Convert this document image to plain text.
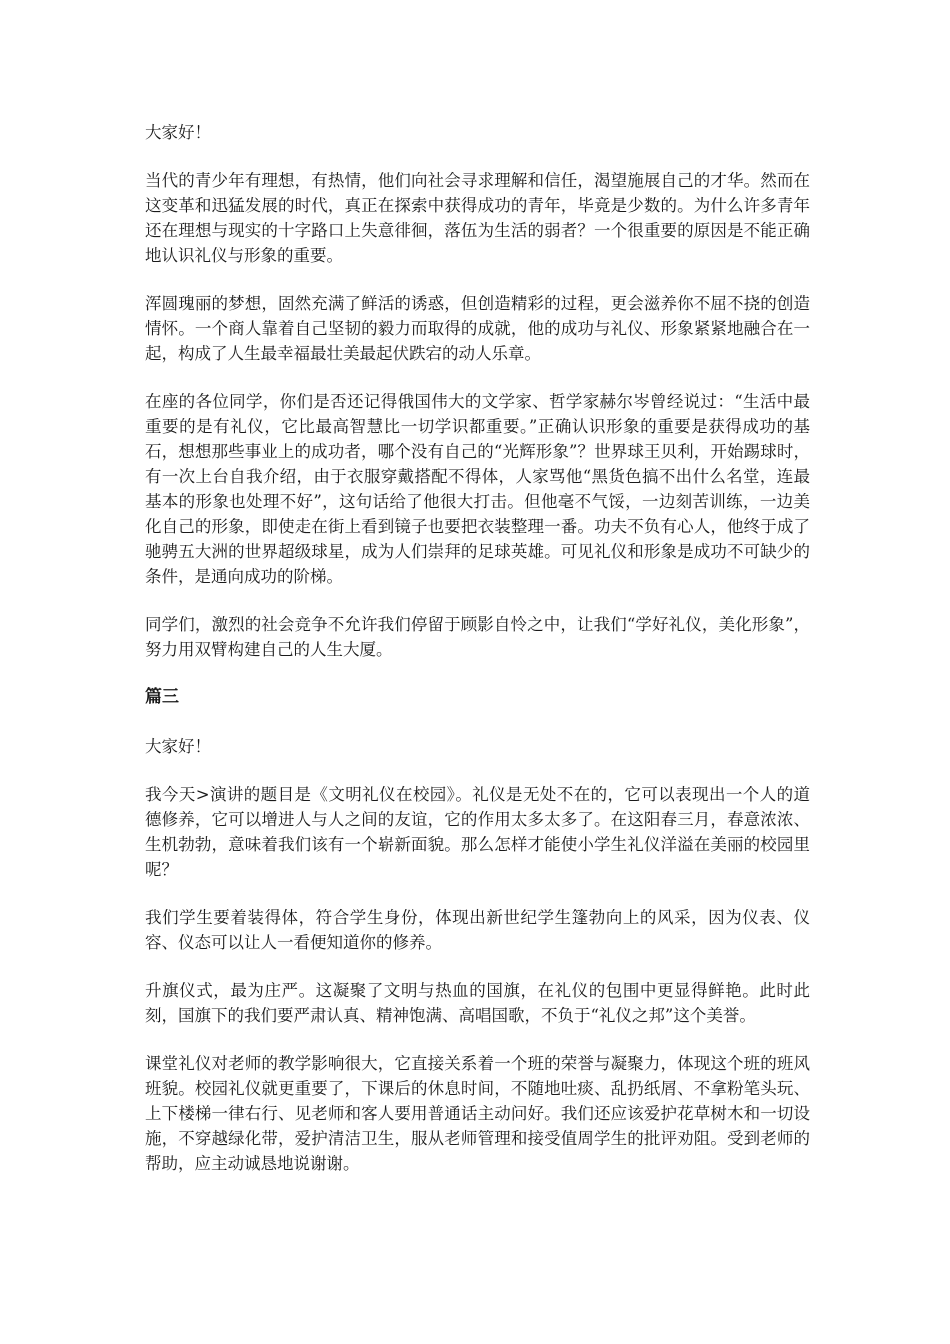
大家好！

当代的青少年有理想，有热情，他们向社会寻求理解和信任，渴望施展自己的才华。然而在这变革和迅猛发展的时代，真正在探索中获得成功的青年，毕竟是少数的。为什么许多青年还在理想与现实的十字路口上失意徘徊，落伍为生活的弱者？一个很重要的原因是不能正确地认识礼仪与形象的重要。

浑圆瑰丽的梦想，固然充满了鲜活的诱惑，但创造精彩的过程，更会滋养你不屈不挠的创造情怀。一个商人靠着自己坚韧的毅力而取得的成就，他的成功与礼仪、形象紧紧地融合在一起，构成了人生最幸福最壮美最起伏跌宕的动人乐章。

在座的各位同学，你们是否还记得俄国伟大的文学家、哲学家赫尔岑曾经说过：“生活中最重要的是有礼仪，它比最高智慧比一切学识都重要。”正确认识形象的重要是获得成功的基石，想想那些事业上的成功者，哪个没有自己的“光辉形象”？世界球王贝利，开始踢球时，有一次上台自我介绍，由于衣服穿戴搭配不得体，人家骂他“黑货色搞不出什么名堂，连最基本的形象也处理不好”，这句话给了他很大打击。但他毫不气馁，一边刻苦训练，一边美化自己的形象，即使走在街上看到镜子也要把衣装整理一番。功夫不负有心人，他终于成了驰骋五大洲的世界超级球星，成为人们崇拜的足球英雄。可见礼仪和形象是成功不可缺少的条件，是通向成功的阶梯。

同学们，激烈的社会竞争不允许我们停留于顾影自怜之中，让我们“学好礼仪，美化形象”，努力用双臂构建自己的人生大厦。

篇三

大家好！

我今天>演讲的题目是《文明礼仪在校园》。礼仪是无处不在的，它可以表现出一个人的道德修养，它可以增进人与人之间的友谊，它的作用太多太多了。在这阳春三月，春意浓浓、生机勃勃，意味着我们该有一个崭新面貌。那么怎样才能使小学生礼仪洋溢在美丽的校园里呢？

我们学生要着装得体，符合学生身份，体现出新世纪学生篷勃向上的风采，因为仪表、仪容、仪态可以让人一看便知道你的修养。

升旗仪式，最为庄严。这凝聚了文明与热血的国旗，在礼仪的包围中更显得鲜艳。此时此刻，国旗下的我们要严肃认真、精神饱满、高唱国歌，不负于“礼仪之邦”这个美誉。

课堂礼仪对老师的教学影响很大，它直接关系着一个班的荣誉与凝聚力，体现这个班的班风班貌。校园礼仪就更重要了，下课后的休息时间，不随地吐痰、乱扔纸屑、不拿粉笔头玩、上下楼梯一律右行、见老师和客人要用普通话主动问好。我们还应该爱护花草树木和一切设施，不穿越绿化带，爱护清洁卫生，服从老师管理和接受值周学生的批评劝阻。受到老师的帮助，应主动诚恳地说谢谢。
